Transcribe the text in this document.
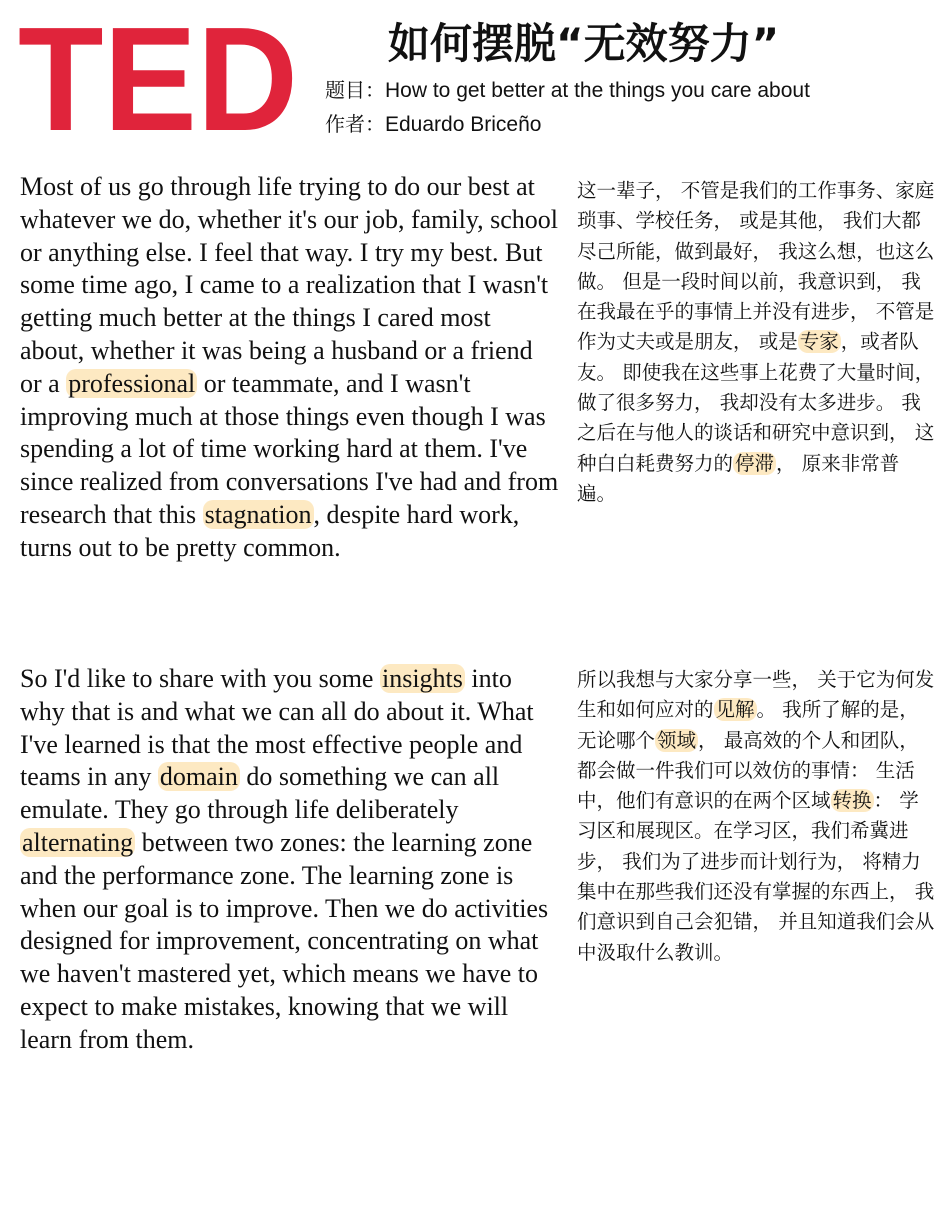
TED 如何摆脱“无效努力”
题目：How to get better at the things you care about
作者：Eduardo Briceño

Most of us go through life trying to do our best at whatever we do, whether it's our job, family, school or anything else. I feel that way. I try my best. But some time ago, I came to a realization that I wasn't getting much better at the things I cared most about, whether it was being a husband or a friend or a professional or teammate, and I wasn't improving much at those things even though I was spending a lot of time working hard at them. I've since realized from conversations I've had and from research that this stagnation, despite hard work, turns out to be pretty common.

这一辈子， 不管是我们的工作事务、家庭琐事、学校任务， 或是其他， 我们大都尽己所能，做到最好， 我这么想，也这么做。 但是一段时间以前，我意识到， 我在我最在乎的事情上并没有进步， 不管是作为丈夫或是朋友， 或是 专家 ，或者队友。 即使我在这些事上花费了大量时间， 做了很多努力， 我却没有太多进步。 我之后在与他人的谈话和研究中意识到， 这种白白耗费努力的 停滞 ， 原来非常普遍。

So I'd like to share with you some insights into why that is and what we can all do about it. What I've learned is that the most effective people and teams in any domain do something we can all emulate. They go through life deliberately alternating between two zones: the learning zone and the performance zone. The learning zone is when our goal is to improve. Then we do activities designed for improvement, concentrating on what we haven't mastered yet, which means we have to expect to make mistakes, knowing that we will learn from them.

所以我想与大家分享一些， 关于它为何发生和如何应对的 见解 。 我所了解的是，无论哪个 领域 ， 最高效的个人和团队， 都会做一件我们可以效仿的事情： 生活中，他们有意识的在两个区域 转换 ： 学习区和展现区。在学习区，我们希冀进步， 我们为了进步而计划行为， 将精力集中在那些我们还没有掌握的东西上， 我们意识到自己会犯错， 并且知道我们会从中汲取什么教训。
